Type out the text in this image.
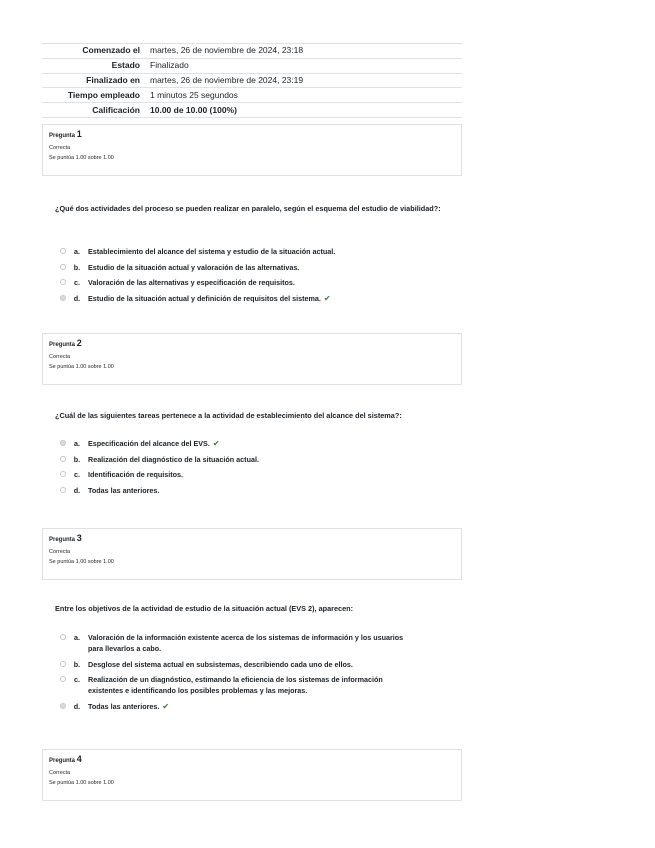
Comenzado el	martes, 26 de noviembre de 2024, 23:18
Estado	Finalizado
Finalizado en	martes, 26 de noviembre de 2024, 23:19
Tiempo empleado	1 minutos 25 segundos
Calificación	10.00 de 10.00 (100%)
Pregunta 1
Correcta
Se puntúa 1.00 sobre 1.00
¿Qué dos actividades del proceso se pueden realizar en paralelo, según el esquema del estudio de viabilidad?:
a.	Establecimiento del alcance del sistema y estudio de la situación actual.
b.	Estudio de la situación actual y valoración de las alternativas.
c.	Valoración de las alternativas y especificación de requisitos.
d.	Estudio de la situación actual y definición de requisitos del sistema. ✔
Pregunta 2
Correcta
Se puntúa 1.00 sobre 1.00
¿Cuál de las siguientes tareas pertenece a la actividad de establecimiento del alcance del sistema?:
a.	Especificación del alcance del EVS. ✔
b.	Realización del diagnóstico de la situación actual.
c.	Identificación de requisitos.
d.	Todas las anteriores.
Pregunta 3
Correcta
Se puntúa 1.00 sobre 1.00
Entre los objetivos de la actividad de estudio de la situación actual (EVS 2), aparecen:
a.	Valoración de la información existente acerca de los sistemas de información y los usuarios para llevarlos a cabo.
b.	Desglose del sistema actual en subsistemas, describiendo cada uno de ellos.
c.	Realización de un diagnóstico, estimando la eficiencia de los sistemas de información existentes e identificando los posibles problemas y las mejoras.
d.	Todas las anteriores. ✔
Pregunta 4
Correcta
Se puntúa 1.00 sobre 1.00
